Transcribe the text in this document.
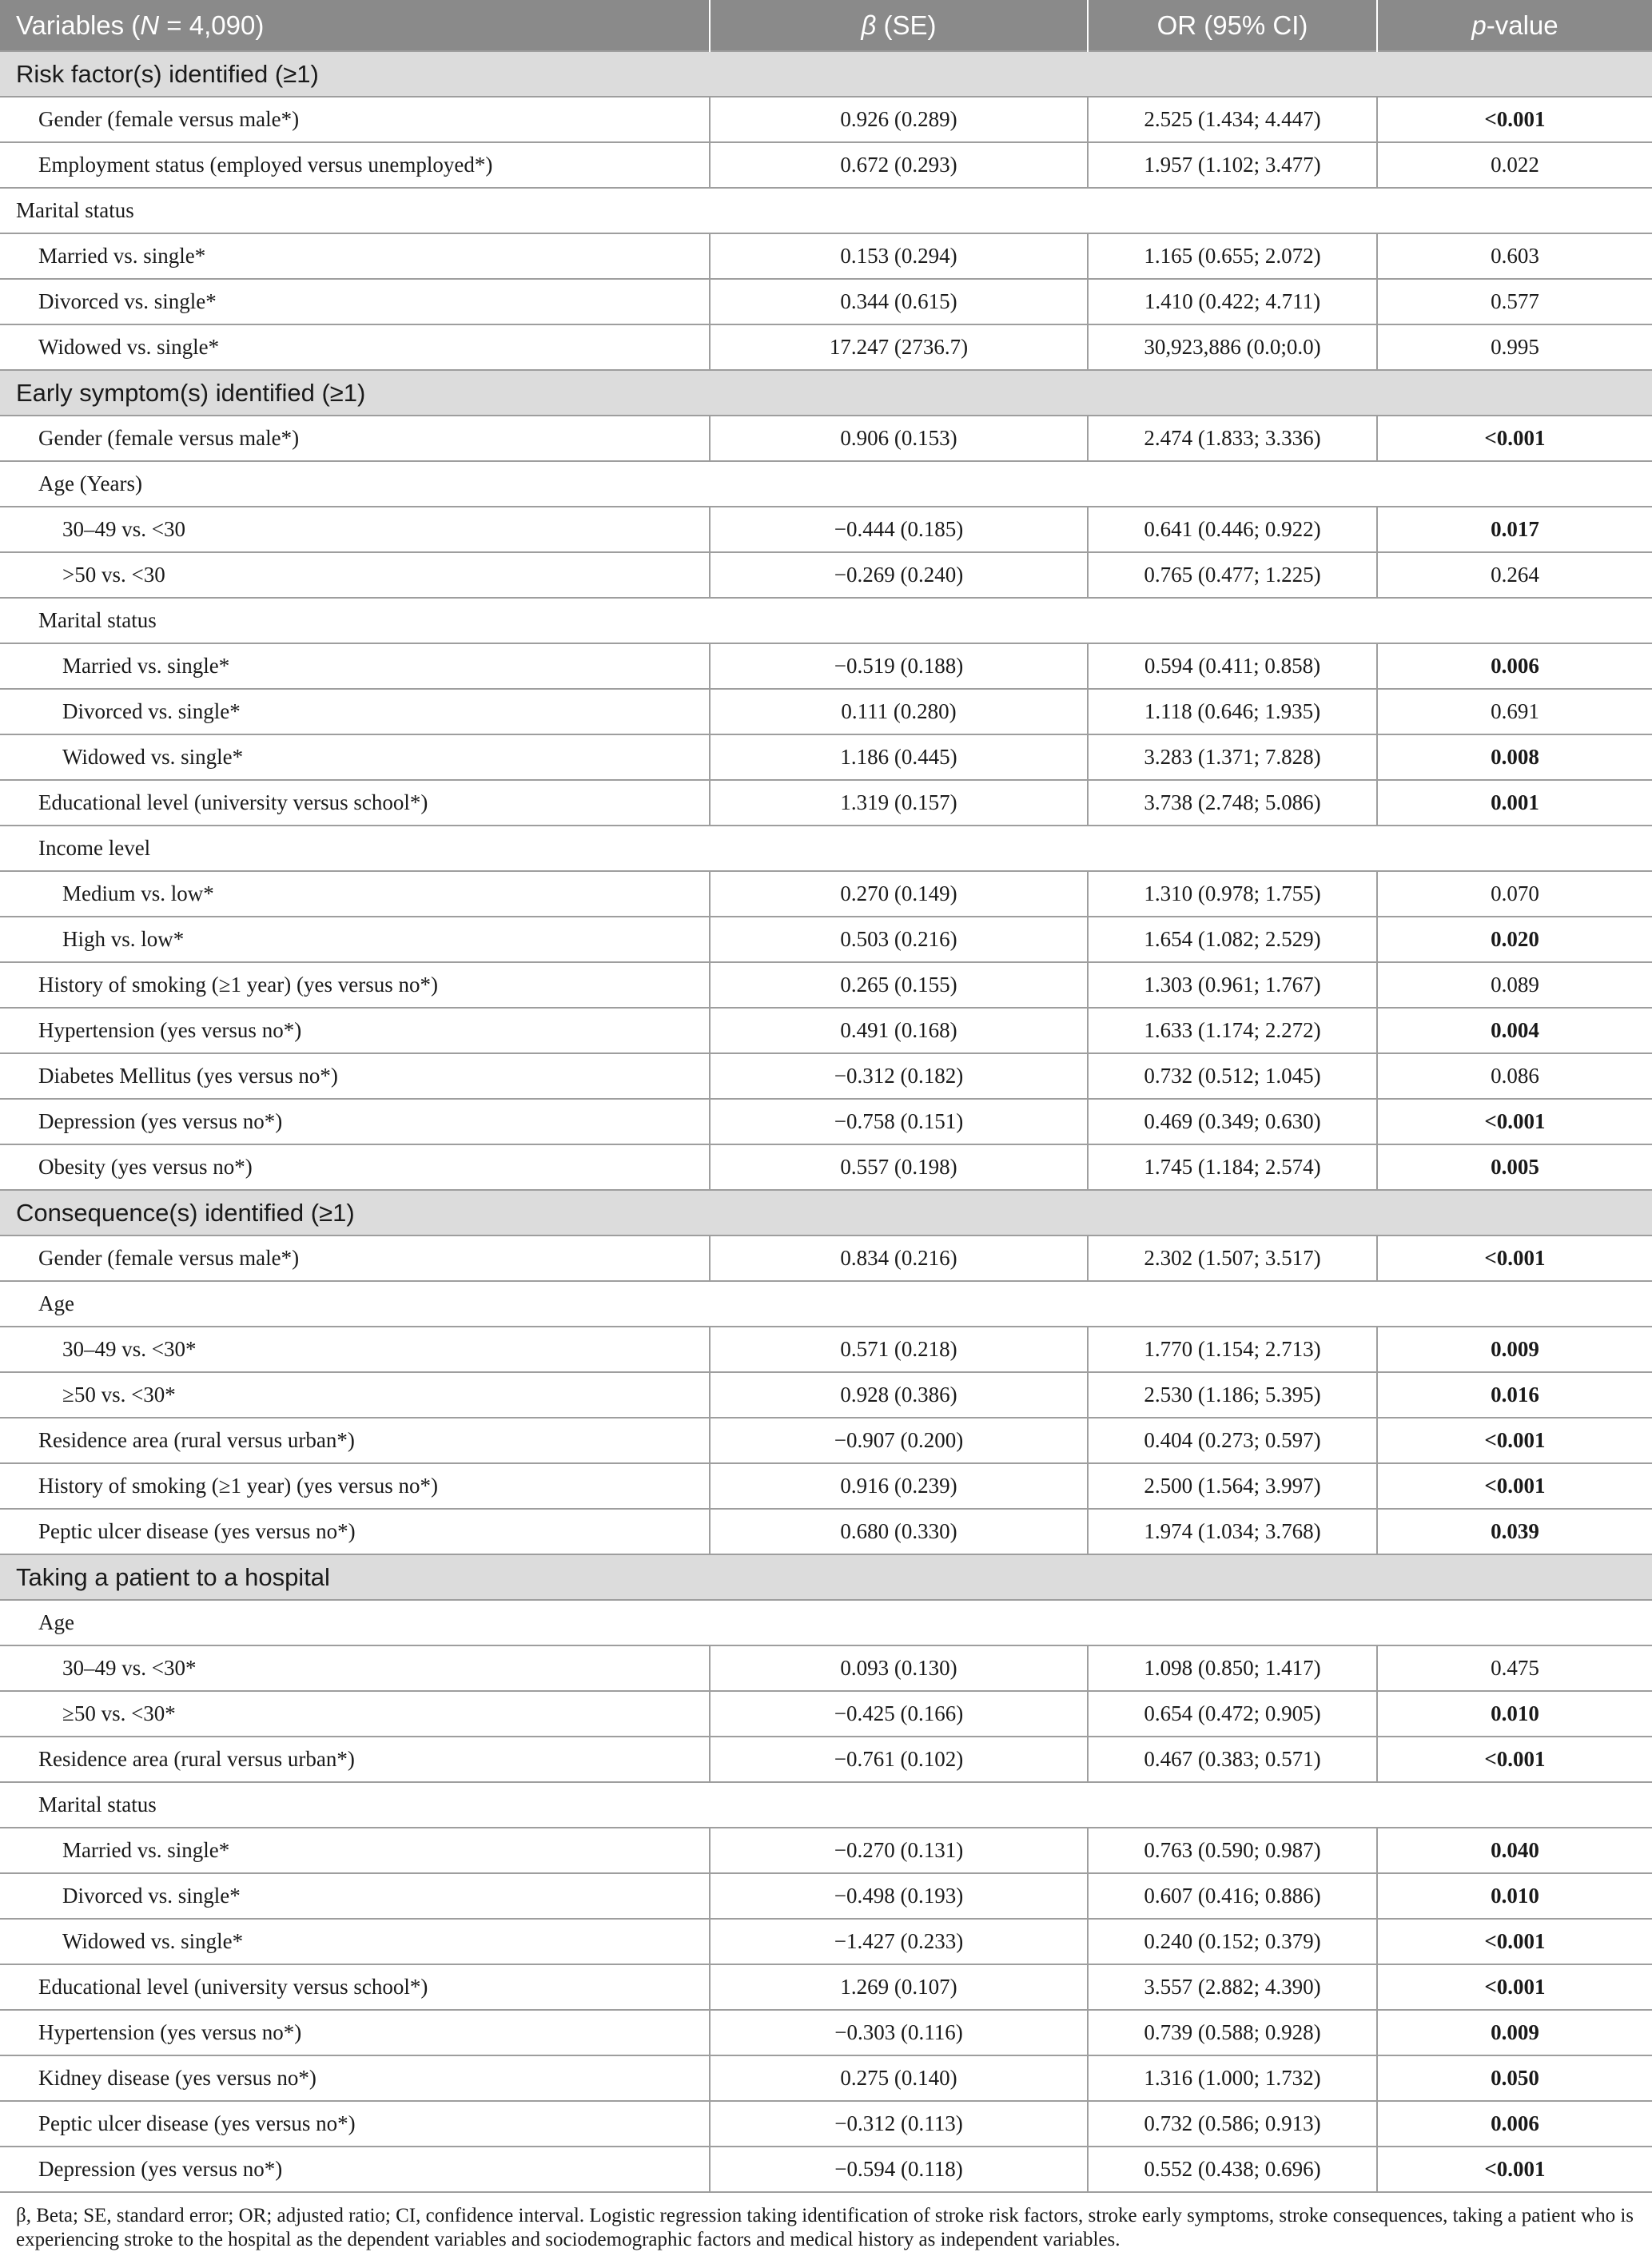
Variables (N = 4,090)	β (SE)	OR (95% CI)	p-value
Risk factor(s) identified (≥1)			
Gender (female versus male*)	0.926 (0.289)	2.525 (1.434; 4.447)	<0.001
Employment status (employed versus unemployed*)	0.672 (0.293)	1.957 (1.102; 3.477)	0.022
Marital status			
Married vs. single*	0.153 (0.294)	1.165 (0.655; 2.072)	0.603
Divorced vs. single*	0.344 (0.615)	1.410 (0.422; 4.711)	0.577
Widowed vs. single*	17.247 (2736.7)	30,923,886 (0.0;0.0)	0.995
Early symptom(s) identified (≥1)			
Gender (female versus male*)	0.906 (0.153)	2.474 (1.833; 3.336)	<0.001
Age (Years)			
30–49 vs. <30	−0.444 (0.185)	0.641 (0.446; 0.922)	0.017
>50 vs. <30	−0.269 (0.240)	0.765 (0.477; 1.225)	0.264
Marital status			
Married vs. single*	−0.519 (0.188)	0.594 (0.411; 0.858)	0.006
Divorced vs. single*	0.111 (0.280)	1.118 (0.646; 1.935)	0.691
Widowed vs. single*	1.186 (0.445)	3.283 (1.371; 7.828)	0.008
Educational level (university versus school*)	1.319 (0.157)	3.738 (2.748; 5.086)	0.001
Income level			
Medium vs. low*	0.270 (0.149)	1.310 (0.978; 1.755)	0.070
High vs. low*	0.503 (0.216)	1.654 (1.082; 2.529)	0.020
History of smoking (≥1 year) (yes versus no*)	0.265 (0.155)	1.303 (0.961; 1.767)	0.089
Hypertension (yes versus no*)	0.491 (0.168)	1.633 (1.174; 2.272)	0.004
Diabetes Mellitus (yes versus no*)	−0.312 (0.182)	0.732 (0.512; 1.045)	0.086
Depression (yes versus no*)	−0.758 (0.151)	0.469 (0.349; 0.630)	<0.001
Obesity (yes versus no*)	0.557 (0.198)	1.745 (1.184; 2.574)	0.005
Consequence(s) identified (≥1)			
Gender (female versus male*)	0.834 (0.216)	2.302 (1.507; 3.517)	<0.001
Age			
30–49 vs. <30*	0.571 (0.218)	1.770 (1.154; 2.713)	0.009
≥50 vs. <30*	0.928 (0.386)	2.530 (1.186; 5.395)	0.016
Residence area (rural versus urban*)	−0.907 (0.200)	0.404 (0.273; 0.597)	<0.001
History of smoking (≥1 year) (yes versus no*)	0.916 (0.239)	2.500 (1.564; 3.997)	<0.001
Peptic ulcer disease (yes versus no*)	0.680 (0.330)	1.974 (1.034; 3.768)	0.039
Taking a patient to a hospital			
Age			
30–49 vs. <30*	0.093 (0.130)	1.098 (0.850; 1.417)	0.475
≥50 vs. <30*	−0.425 (0.166)	0.654 (0.472; 0.905)	0.010
Residence area (rural versus urban*)	−0.761 (0.102)	0.467 (0.383; 0.571)	<0.001
Marital status			
Married vs. single*	−0.270 (0.131)	0.763 (0.590; 0.987)	0.040
Divorced vs. single*	−0.498 (0.193)	0.607 (0.416; 0.886)	0.010
Widowed vs. single*	−1.427 (0.233)	0.240 (0.152; 0.379)	<0.001
Educational level (university versus school*)	1.269 (0.107)	3.557 (2.882; 4.390)	<0.001
Hypertension (yes versus no*)	−0.303 (0.116)	0.739 (0.588; 0.928)	0.009
Kidney disease (yes versus no*)	0.275 (0.140)	1.316 (1.000; 1.732)	0.050
Peptic ulcer disease (yes versus no*)	−0.312 (0.113)	0.732 (0.586; 0.913)	0.006
Depression (yes versus no*)	−0.594 (0.118)	0.552 (0.438; 0.696)	<0.001
β, Beta; SE, standard error; OR; adjusted ratio; CI, confidence interval. Logistic regression taking identification of stroke risk factors, stroke early symptoms, stroke consequences, taking a patient who is experiencing stroke to the hospital as the dependent variables and sociodemographic factors and medical history as independent variables.
